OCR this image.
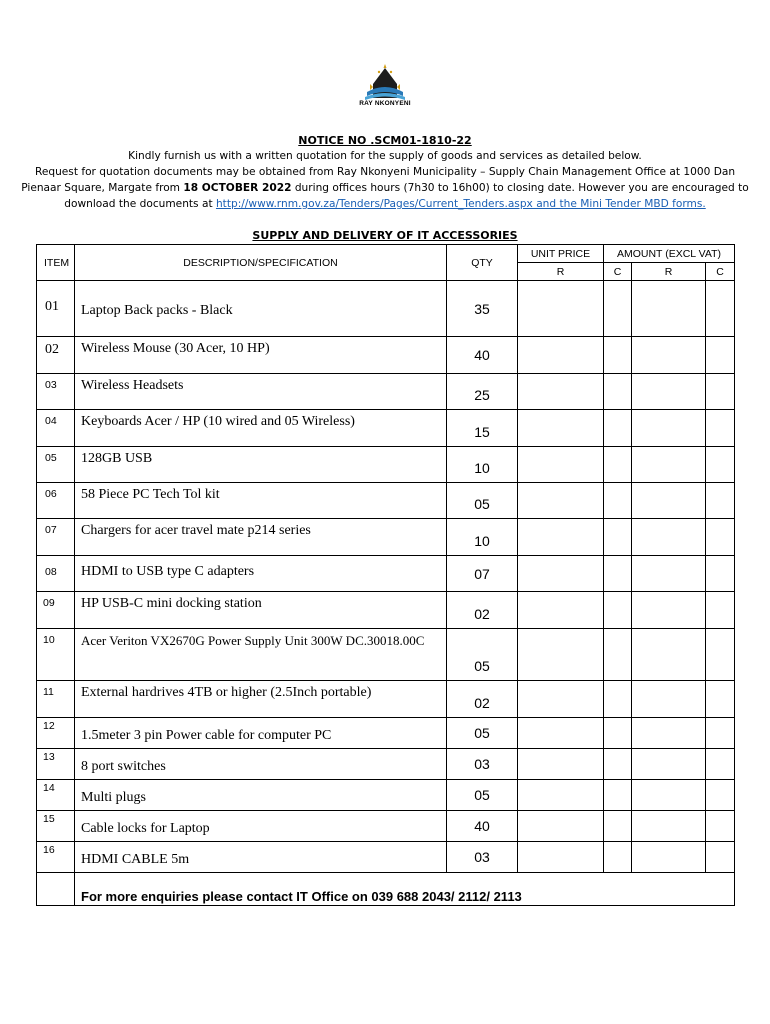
RAY NKONYENI
NOTICE NO .SCM01-1810-22

Kindly furnish us with a written quotation for the supply of goods and services as detailed below.

Request for quotation documents may be obtained from Ray Nkonyeni Municipality – Supply Chain Management Office at 1000 Dan

Pienaar Square, Margate from 18 OCTOBER 2022 during offices hours (7h30 to 16h00) to closing date. However you are encouraged to

download the documents at http://www.rnm.gov.za/Tenders/Pages/Current_Tenders.aspx and the Mini Tender MBD forms.

SUPPLY AND DELIVERY OF IT ACCESSORIES
ITEM	DESCRIPTION/SPECIFICATION	QTY	UNIT PRICE	AMOUNT (EXCL VAT)		
			R	C	R	C
01	Laptop Back packs - Black	35				
02	Wireless Mouse (30 Acer, 10 HP)	40				
03	Wireless Headsets	25				
04	Keyboards Acer / HP (10 wired and 05 Wireless)	15				
05	128GB USB	10				
06	58 Piece PC Tech Tol kit	05				
07	Chargers for acer travel mate p214 series	10				
08	HDMI to USB type C adapters	07				
09	HP USB-C mini docking station	02				
10	Acer Veriton VX2670G Power Supply Unit 300W DC.30018.00C	05				
11	External hardrives 4TB or higher (2.5Inch portable)	02				
12	1.5meter 3 pin Power cable for computer PC	05				
13	8 port switches	03				
14	Multi plugs	05				
15	Cable locks for Laptop	40				
16	HDMI CABLE 5m	03				
	For more enquiries please contact IT Office on 039 688 2043/ 2112/ 2113					
